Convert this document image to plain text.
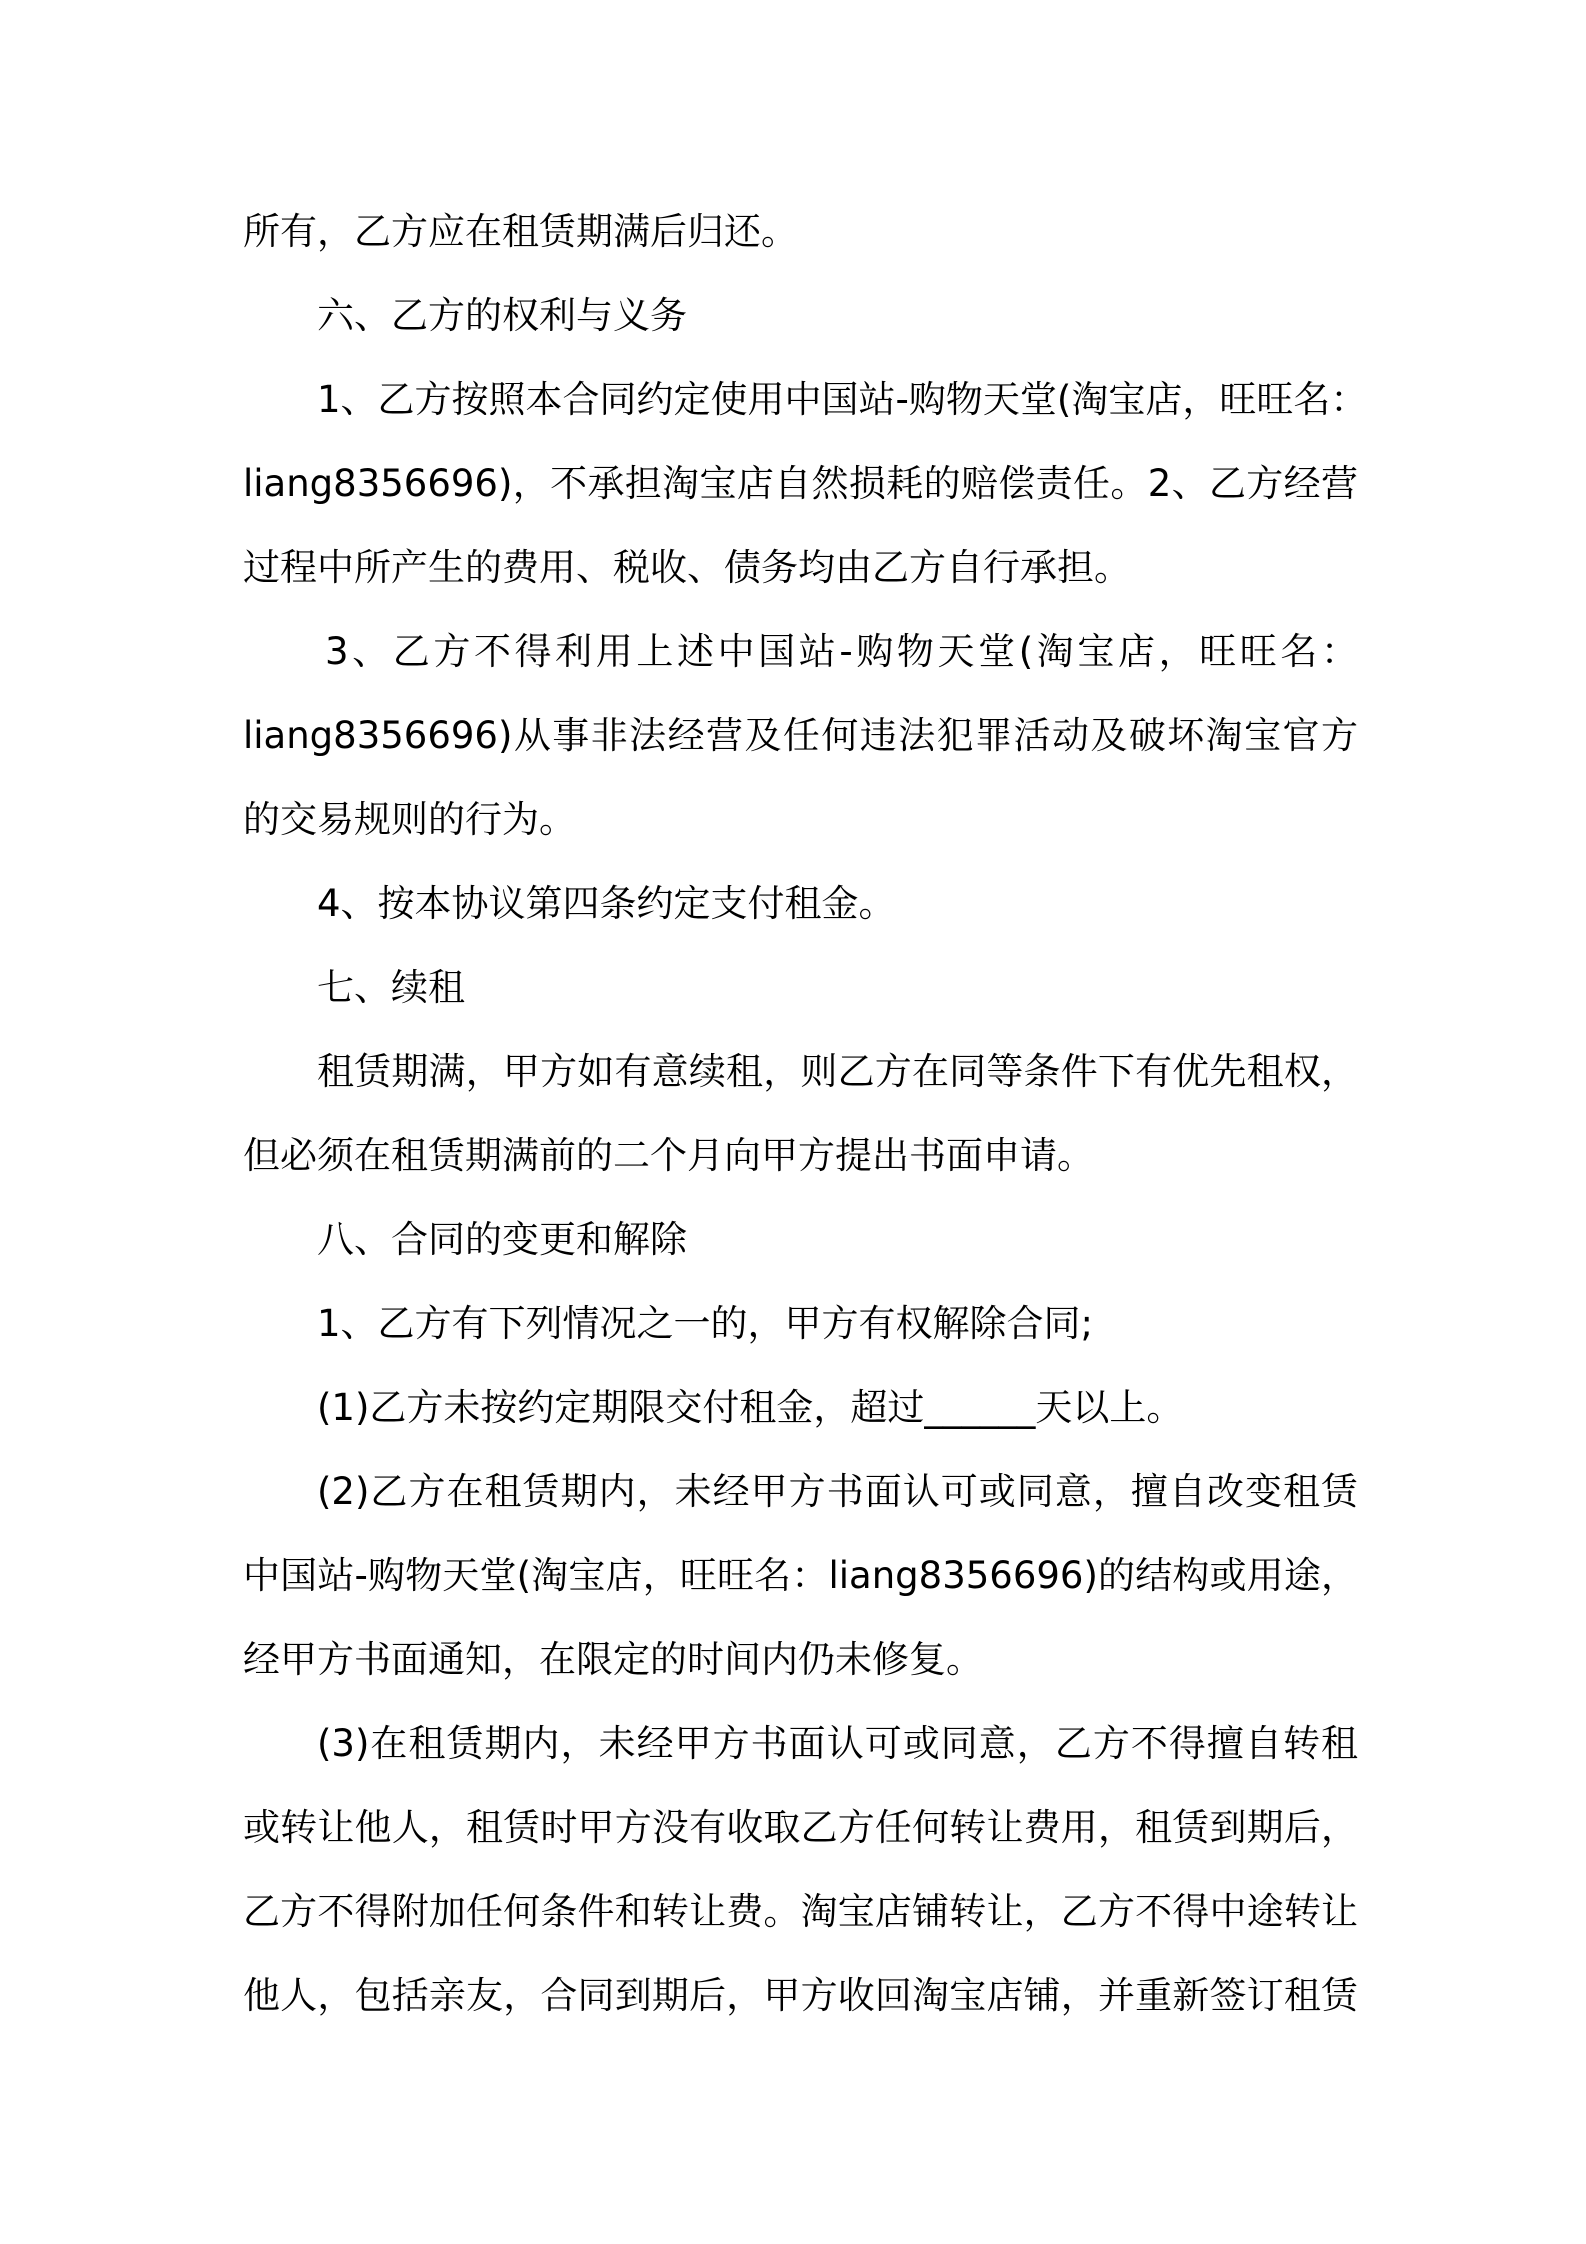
所有，乙方应在租赁期满后归还。
六、乙方的权利与义务
1、乙方按照本合同约定使用中国站-购物天堂(淘宝店，旺旺名：
liang8356696)，不承担淘宝店自然损耗的赔偿责任。2、乙方经营
过程中所产生的费用、税收、债务均由乙方自行承担。
3、乙方不得利用上述中国站-购物天堂(淘宝店，旺旺名：
liang8356696)从事非法经营及任何违法犯罪活动及破坏淘宝官方
的交易规则的行为。
4、按本协议第四条约定支付租金。
七、续租
租赁期满，甲方如有意续租，则乙方在同等条件下有优先租权，
但必须在租赁期满前的二个月向甲方提出书面申请。
八、合同的变更和解除
1、乙方有下列情况之一的，甲方有权解除合同;
(1)乙方未按约定期限交付租金，超过______天以上。
(2)乙方在租赁期内，未经甲方书面认可或同意，擅自改变租赁
中国站-购物天堂(淘宝店，旺旺名：liang8356696)的结构或用途，
经甲方书面通知，在限定的时间内仍未修复。
(3)在租赁期内，未经甲方书面认可或同意，乙方不得擅自转租
或转让他人，租赁时甲方没有收取乙方任何转让费用，租赁到期后，
乙方不得附加任何条件和转让费。淘宝店铺转让，乙方不得中途转让
他人，包括亲友，合同到期后，甲方收回淘宝店铺，并重新签订租赁
